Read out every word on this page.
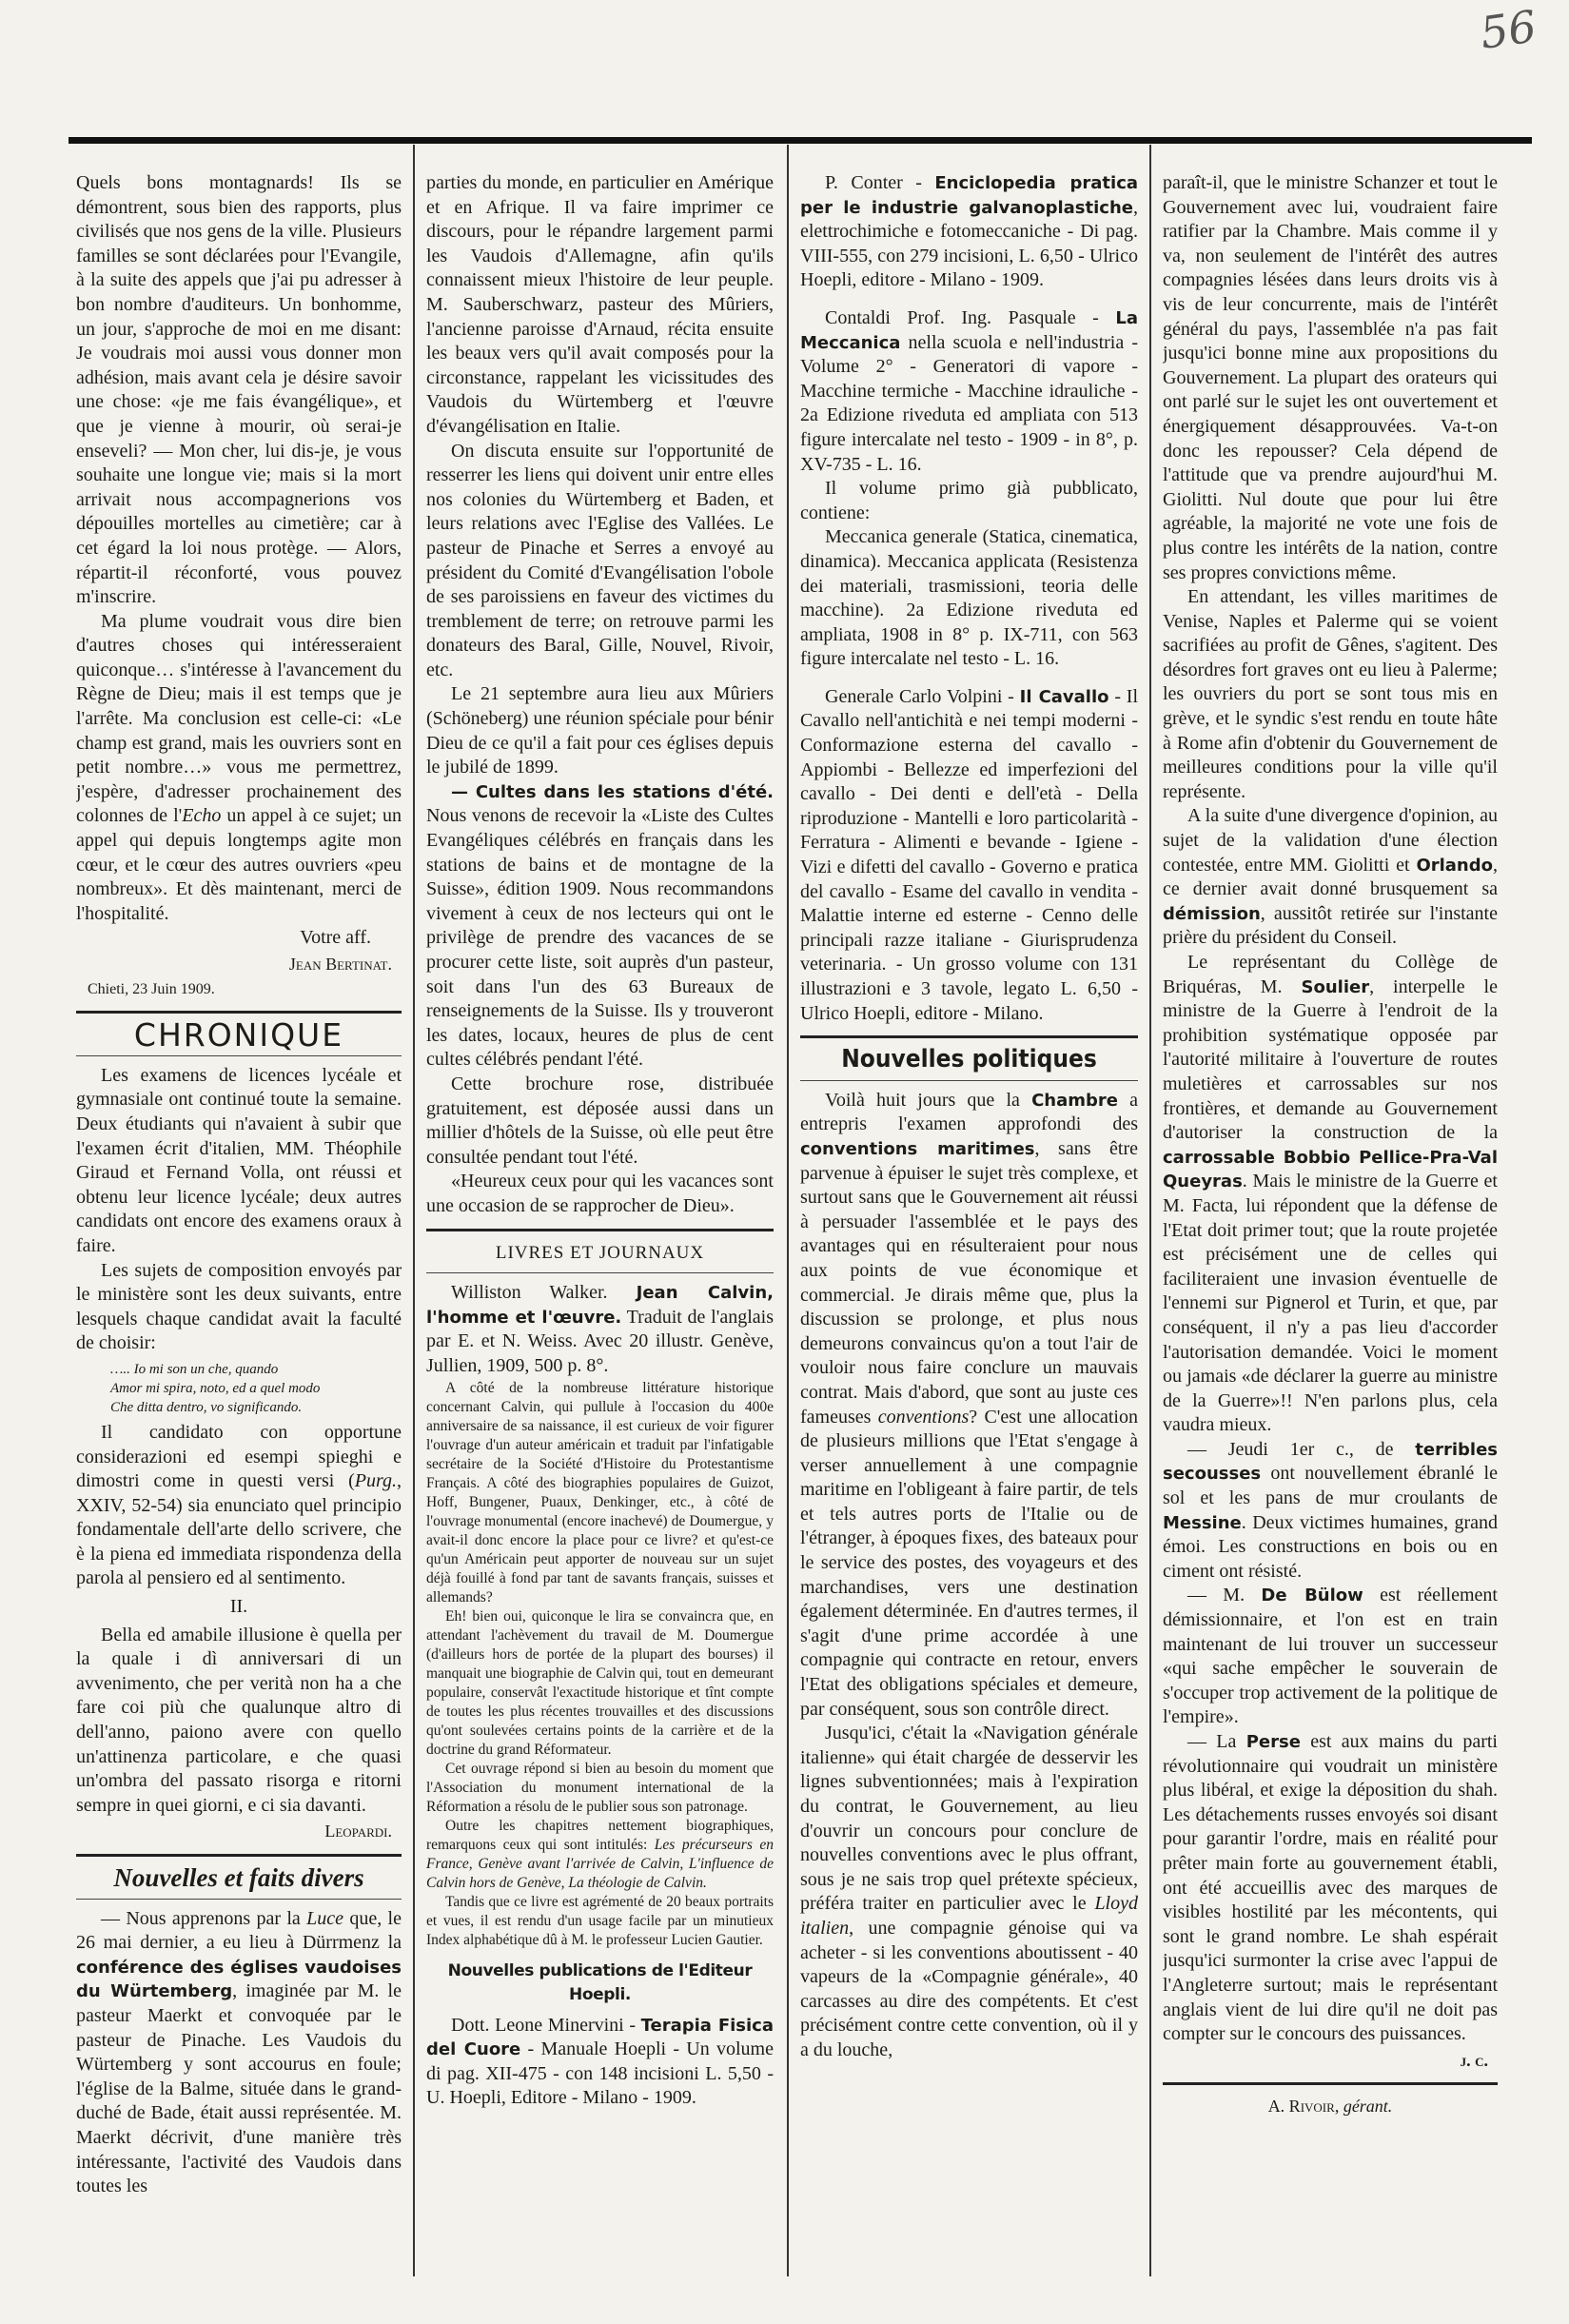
56

Quels bons montagnards! Ils se démontrent, sous bien des rapports, plus civilisés que nos gens de la ville. Plusieurs familles se sont déclarées pour l'Evangile, à la suite des appels que j'ai pu adresser à bon nombre d'auditeurs. Un bonhomme, un jour, s'approche de moi en me disant: Je voudrais moi aussi vous donner mon adhésion, mais avant cela je désire savoir une chose: «je me fais évangélique», et que je vienne à mourir, où serai-je enseveli? — Mon cher, lui dis-je, je vous souhaite une longue vie; mais si la mort arrivait nous accompagnerions vos dépouilles mortelles au cimetière; car à cet égard la loi nous protège. — Alors, répartit-il réconforté, vous pouvez m'inscrire.

Ma plume voudrait vous dire bien d'autres choses qui intéresseraient quiconque… s'intéresse à l'avancement du Règne de Dieu; mais il est temps que je l'arrête. Ma conclusion est celle-ci: «Le champ est grand, mais les ouvriers sont en petit nombre…» vous me permettrez, j'espère, d'adresser prochainement des colonnes de l'Echo un appel à ce sujet; un appel qui depuis longtemps agite mon cœur, et le cœur des autres ouvriers «peu nombreux». Et dès maintenant, merci de l'hospitalité.

Votre aff.
Jean Bertinat.
Chieti, 23 Juin 1909.
CHRONIQUE

Les examens de licences lycéale et gymnasiale ont continué toute la semaine. Deux étudiants qui n'avaient à subir que l'examen écrit d'italien, MM. Théophile Giraud et Fernand Volla, ont réussi et obtenu leur licence lycéale; deux autres candidats ont encore des examens oraux à faire.

Les sujets de composition envoyés par le ministère sont les deux suivants, entre lesquels chaque candidat avait la faculté de choisir:

….. Io mi son un che, quando
Amor mi spira, noto, ed a quel modo
Che ditta dentro, vo significando.

Il candidato con opportune considerazioni ed esempi spieghi e dimostri come in questi versi (Purg., XXIV, 52-54) sia enunciato quel principio fondamentale dell'arte dello scrivere, che è la piena ed immediata rispondenza della parola al pensiero ed al sentimento.

II.

Bella ed amabile illusione è quella per la quale i dì anniversari di un avvenimento, che per verità non ha a che fare coi più che qualunque altro di dell'anno, paiono avere con quello un'attinenza particolare, e che quasi un'ombra del passato risorga e ritorni sempre in quei giorni, e ci sia davanti.

Leopardi.
Nouvelles et faits divers

— Nous apprenons par la Luce que, le 26 mai dernier, a eu lieu à Dürrmenz la conférence des églises vaudoises du Würtemberg, imaginée par M. le pasteur Maerkt et convoquée par le pasteur de Pinache. Les Vaudois du Würtemberg y sont accourus en foule; l'église de la Balme, située dans le grand-duché de Bade, était aussi représentée. M. Maerkt décrivit, d'une manière très intéressante, l'activité des Vaudois dans toutes les

parties du monde, en particulier en Amérique et en Afrique. Il va faire imprimer ce discours, pour le répandre largement parmi les Vaudois d'Allemagne, afin qu'ils connaissent mieux l'histoire de leur peuple. M. Sauberschwarz, pasteur des Mûriers, l'ancienne paroisse d'Arnaud, récita ensuite les beaux vers qu'il avait composés pour la circonstance, rappelant les vicissitudes des Vaudois du Würtemberg et l'œuvre d'évangélisation en Italie.

On discuta ensuite sur l'opportunité de resserrer les liens qui doivent unir entre elles nos colonies du Würtemberg et Baden, et leurs relations avec l'Eglise des Vallées. Le pasteur de Pinache et Serres a envoyé au président du Comité d'Evangélisation l'obole de ses paroissiens en faveur des victimes du tremblement de terre; on retrouve parmi les donateurs des Baral, Gille, Nouvel, Rivoir, etc.

Le 21 septembre aura lieu aux Mûriers (Schöneberg) une réunion spéciale pour bénir Dieu de ce qu'il a fait pour ces églises depuis le jubilé de 1899.

— Cultes dans les stations d'été. Nous venons de recevoir la «Liste des Cultes Evangéliques célébrés en français dans les stations de bains et de montagne de la Suisse», édition 1909. Nous recommandons vivement à ceux de nos lecteurs qui ont le privilège de prendre des vacances de se procurer cette liste, soit auprès d'un pasteur, soit dans l'un des 63 Bureaux de renseignements de la Suisse. Ils y trouveront les dates, locaux, heures de plus de cent cultes célébrés pendant l'été.

Cette brochure rose, distribuée gratuitement, est déposée aussi dans un millier d'hôtels de la Suisse, où elle peut être consultée pendant tout l'été.

«Heureux ceux pour qui les vacances sont une occasion de se rapprocher de Dieu».

LIVRES ET JOURNAUX

Williston Walker. Jean Calvin, l'homme et l'œuvre. Traduit de l'anglais par E. et N. Weiss. Avec 20 illustr. Genève, Jullien, 1909, 500 p. 8°.

A côté de la nombreuse littérature historique concernant Calvin, qui pullule à l'occasion du 400e anniversaire de sa naissance, il est curieux de voir figurer l'ouvrage d'un auteur américain et traduit par l'infatigable secrétaire de la Société d'Histoire du Protestantisme Français. A côté des biographies populaires de Guizot, Hoff, Bungener, Puaux, Denkinger, etc., à côté de l'ouvrage monumental (encore inachevé) de Doumergue, y avait-il donc encore la place pour ce livre? et qu'est-ce qu'un Américain peut apporter de nouveau sur un sujet déjà fouillé à fond par tant de savants français, suisses et allemands?

Eh! bien oui, quiconque le lira se convaincra que, en attendant l'achèvement du travail de M. Doumergue (d'ailleurs hors de portée de la plupart des bourses) il manquait une biographie de Calvin qui, tout en demeurant populaire, conservât l'exactitude historique et tînt compte de toutes les plus récentes trouvailles et des discussions qu'ont soulevées certains points de la carrière et de la doctrine du grand Réformateur.

Cet ouvrage répond si bien au besoin du moment que l'Association du monument international de la Réformation a résolu de le publier sous son patronage.

Outre les chapitres nettement biographiques, remarquons ceux qui sont intitulés: Les précurseurs en France, Genève avant l'arrivée de Calvin, L'influence de Calvin hors de Genève, La théologie de Calvin.

Tandis que ce livre est agrémenté de 20 beaux portraits et vues, il est rendu d'un usage facile par un minutieux Index alphabétique dû à M. le professeur Lucien Gautier.

Nouvelles publications de l'Editeur Hoepli.

Dott. Leone Minervini - Terapia Fisica del Cuore - Manuale Hoepli - Un volume di pag. XII-475 - con 148 incisioni L. 5,50 - U. Hoepli, Editore - Milano - 1909.

P. Conter - Enciclopedia pratica per le industrie galvanoplastiche, elettrochimiche e fotomeccaniche - Di pag. VIII-555, con 279 incisioni, L. 6,50 - Ulrico Hoepli, editore - Milano - 1909.

Contaldi Prof. Ing. Pasquale - La Meccanica nella scuola e nell'industria - Volume 2° - Generatori di vapore - Macchine termiche - Macchine idrauliche - 2a Edizione riveduta ed ampliata con 513 figure intercalate nel testo - 1909 - in 8°, p. XV-735 - L. 16.

Il volume primo già pubblicato, contiene:

Meccanica generale (Statica, cinematica, dinamica). Meccanica applicata (Resistenza dei materiali, trasmissioni, teoria delle macchine). 2a Edizione riveduta ed ampliata, 1908 in 8° p. IX-711, con 563 figure intercalate nel testo - L. 16.

Generale Carlo Volpini - Il Cavallo - Il Cavallo nell'antichità e nei tempi moderni - Conformazione esterna del cavallo - Appiombi - Bellezze ed imperfezioni del cavallo - Dei denti e dell'età - Della riproduzione - Mantelli e loro particolarità - Ferratura - Alimenti e bevande - Igiene - Vizi e difetti del cavallo - Governo e pratica del cavallo - Esame del cavallo in vendita - Malattie interne ed esterne - Cenno delle principali razze italiane - Giurisprudenza veterinaria. - Un grosso volume con 131 illustrazioni e 3 tavole, legato L. 6,50 - Ulrico Hoepli, editore - Milano.

Nouvelles politiques

Voilà huit jours que la Chambre a entrepris l'examen approfondi des conventions maritimes, sans être parvenue à épuiser le sujet très complexe, et surtout sans que le Gouvernement ait réussi à persuader l'assemblée et le pays des avantages qui en résulteraient pour nous aux points de vue économique et commercial. Je dirais même que, plus la discussion se prolonge, et plus nous demeurons convaincus qu'on a tout l'air de vouloir nous faire conclure un mauvais contrat. Mais d'abord, que sont au juste ces fameuses conventions? C'est une allocation de plusieurs millions que l'Etat s'engage à verser annuellement à une compagnie maritime en l'obligeant à faire partir, de tels et tels autres ports de l'Italie ou de l'étranger, à époques fixes, des bateaux pour le service des postes, des voyageurs et des marchandises, vers une destination également déterminée. En d'autres termes, il s'agit d'une prime accordée à une compagnie qui contracte en retour, envers l'Etat des obligations spéciales et demeure, par conséquent, sous son contrôle direct.

Jusqu'ici, c'était la «Navigation générale italienne» qui était chargée de desservir les lignes subventionnées; mais à l'expiration du contrat, le Gouvernement, au lieu d'ouvrir un concours pour conclure de nouvelles conventions avec le plus offrant, sous je ne sais trop quel prétexte spécieux, préféra traiter en particulier avec le Lloyd italien, une compagnie génoise qui va acheter - si les conventions aboutissent - 40 vapeurs de la «Compagnie générale», 40 carcasses au dire des compétents. Et c'est précisément contre cette convention, où il y a du louche,

paraît-il, que le ministre Schanzer et tout le Gouvernement avec lui, voudraient faire ratifier par la Chambre. Mais comme il y va, non seulement de l'intérêt des autres compagnies lésées dans leurs droits vis à vis de leur concurrente, mais de l'intérêt général du pays, l'assemblée n'a pas fait jusqu'ici bonne mine aux propositions du Gouvernement. La plupart des orateurs qui ont parlé sur le sujet les ont ouvertement et énergiquement désapprouvées. Va-t-on donc les repousser? Cela dépend de l'attitude que va prendre aujourd'hui M. Giolitti. Nul doute que pour lui être agréable, la majorité ne vote une fois de plus contre les intérêts de la nation, contre ses propres convictions même.

En attendant, les villes maritimes de Venise, Naples et Palerme qui se voient sacrifiées au profit de Gênes, s'agitent. Des désordres fort graves ont eu lieu à Palerme; les ouvriers du port se sont tous mis en grève, et le syndic s'est rendu en toute hâte à Rome afin d'obtenir du Gouvernement de meilleures conditions pour la ville qu'il représente.

A la suite d'une divergence d'opinion, au sujet de la validation d'une élection contestée, entre MM. Giolitti et Orlando, ce dernier avait donné brusquement sa démission, aussitôt retirée sur l'instante prière du président du Conseil.

Le représentant du Collège de Briquéras, M. Soulier, interpelle le ministre de la Guerre à l'endroit de la prohibition systématique opposée par l'autorité militaire à l'ouverture de routes muletières et carrossables sur nos frontières, et demande au Gouvernement d'autoriser la construction de la carrossable Bobbio Pellice-Pra-Val Queyras. Mais le ministre de la Guerre et M. Facta, lui répondent que la défense de l'Etat doit primer tout; que la route projetée est précisément une de celles qui faciliteraient une invasion éventuelle de l'ennemi sur Pignerol et Turin, et que, par conséquent, il n'y a pas lieu d'accorder l'autorisation demandée. Voici le moment ou jamais «de déclarer la guerre au ministre de la Guerre»!! N'en parlons plus, cela vaudra mieux.

— Jeudi 1er c., de terribles secousses ont nouvellement ébranlé le sol et les pans de mur croulants de Messine. Deux victimes humaines, grand émoi. Les constructions en bois ou en ciment ont résisté.

— M. De Bülow est réellement démissionnaire, et l'on est en train maintenant de lui trouver un successeur «qui sache empêcher le souverain de s'occuper trop activement de la politique de l'empire».

— La Perse est aux mains du parti révolutionnaire qui voudrait un ministère plus libéral, et exige la déposition du shah. Les détachements russes envoyés soi disant pour garantir l'ordre, mais en réalité pour prêter main forte au gouvernement établi, ont été accueillis avec des marques de visibles hostilité par les mécontents, qui sont le grand nombre. Le shah espérait jusqu'ici surmonter la crise avec l'appui de l'Angleterre surtout; mais le représentant anglais vient de lui dire qu'il ne doit pas compter sur le concours des puissances.

j. c.
A. Rivoir, gérant.
